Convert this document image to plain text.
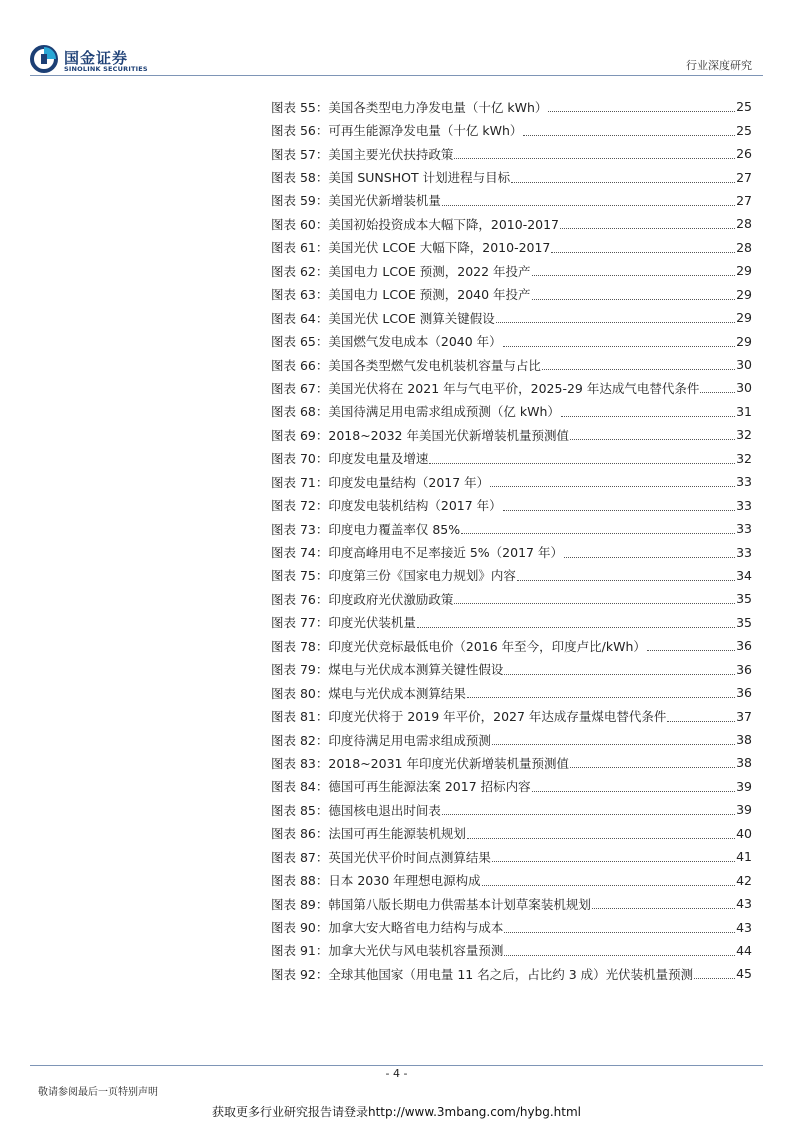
国金证券
SINOLINK SECURITIES	行业深度研究
图表 55：美国各类型电力净发电量（十亿 kWh）	25
图表 56：可再生能源净发电量（十亿 kWh）	25
图表 57：美国主要光伏扶持政策	26
图表 58：美国 SUNSHOT 计划进程与目标	27
图表 59：美国光伏新增装机量	27
图表 60：美国初始投资成本大幅下降，2010-2017	28
图表 61：美国光伏 LCOE 大幅下降，2010-2017	28
图表 62：美国电力 LCOE 预测，2022 年投产	29
图表 63：美国电力 LCOE 预测，2040 年投产	29
图表 64：美国光伏 LCOE 测算关键假设	29
图表 65：美国燃气发电成本（2040 年）	29
图表 66：美国各类型燃气发电机装机容量与占比	30
图表 67：美国光伏将在 2021 年与气电平价，2025-29 年达成气电替代条件	30
图表 68：美国待满足用电需求组成预测（亿 kWh）	31
图表 69：2018~2032 年美国光伏新增装机量预测值	32
图表 70：印度发电量及增速	32
图表 71：印度发电量结构（2017 年）	33
图表 72：印度发电装机结构（2017 年）	33
图表 73：印度电力覆盖率仅 85%	33
图表 74：印度高峰用电不足率接近 5%（2017 年）	33
图表 75：印度第三份《国家电力规划》内容	34
图表 76：印度政府光伏激励政策	35
图表 77：印度光伏装机量	35
图表 78：印度光伏竞标最低电价（2016 年至今，印度卢比/kWh）	36
图表 79：煤电与光伏成本测算关键性假设	36
图表 80：煤电与光伏成本测算结果	36
图表 81：印度光伏将于 2019 年平价，2027 年达成存量煤电替代条件	37
图表 82：印度待满足用电需求组成预测	38
图表 83：2018~2031 年印度光伏新增装机量预测值	38
图表 84：德国可再生能源法案 2017 招标内容	39
图表 85：德国核电退出时间表	39
图表 86：法国可再生能源装机规划	40
图表 87：英国光伏平价时间点测算结果	41
图表 88：日本 2030 年理想电源构成	42
图表 89：韩国第八版长期电力供需基本计划草案装机规划	43
图表 90：加拿大安大略省电力结构与成本	43
图表 91：加拿大光伏与风电装机容量预测	44
图表 92：全球其他国家（用电量 11 名之后，占比约 3 成）光伏装机量预测	45
- 4 -
敬请参阅最后一页特别声明
获取更多行业研究报告请登录http://www.3mbang.com/hybg.html
